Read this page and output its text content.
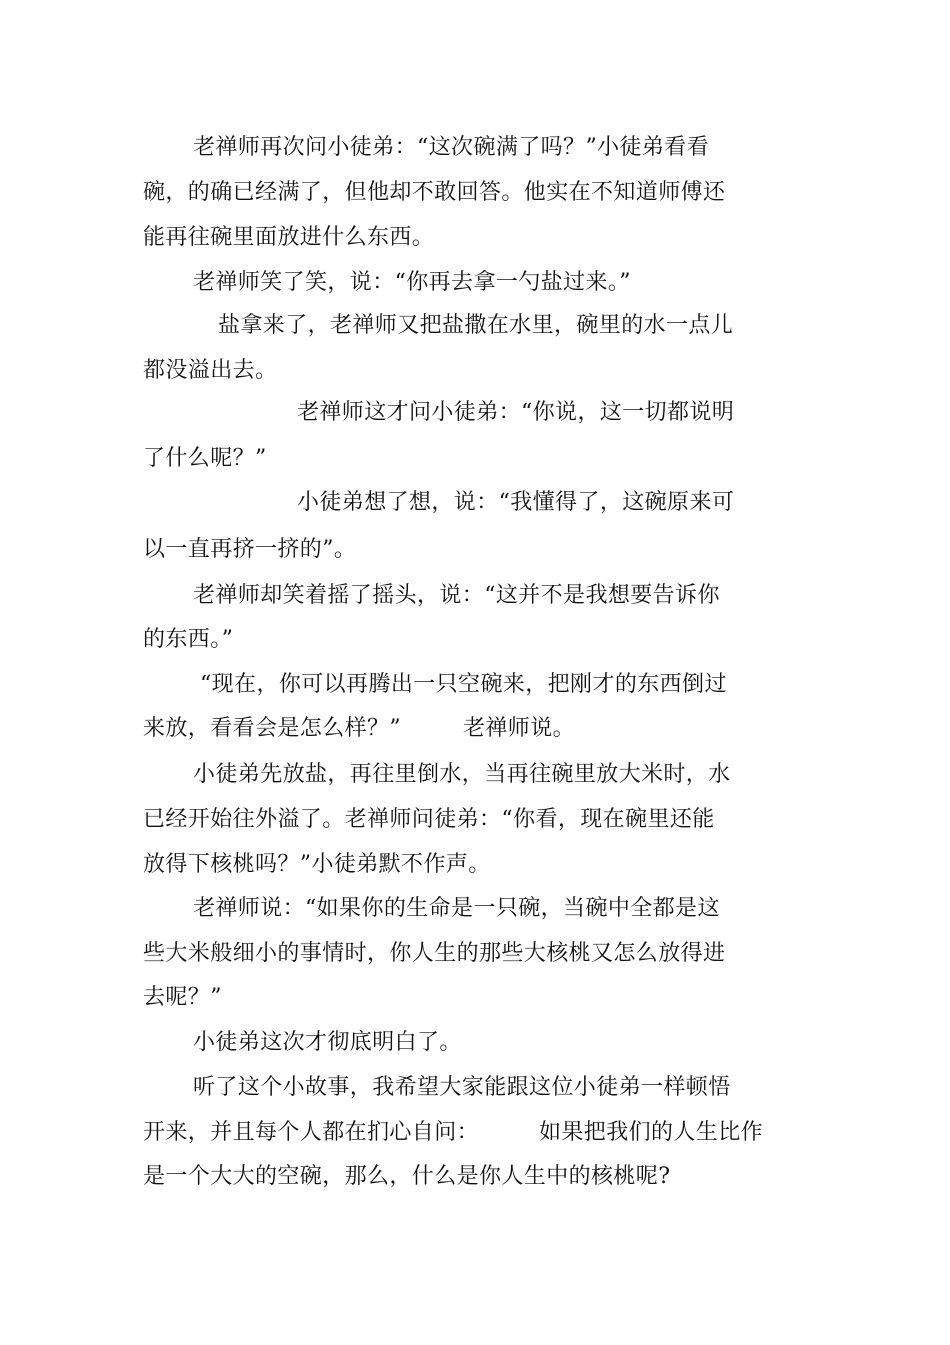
老禅师再次问小徒弟：“这次碗满了吗？”小徒弟看看
碗，的确已经满了，但他却不敢回答。他实在不知道师傅还
能再往碗里面放进什么东西。
老禅师笑了笑，说：“你再去拿一勺盐过来。”
盐拿来了，老禅师又把盐撒在水里，碗里的水一点儿
都没溢出去。
老禅师这才问小徒弟：“你说，这一切都说明
了什么呢？”
小徒弟想了想，说：“我懂得了，这碗原来可
以一直再挤一挤的”。
老禅师却笑着摇了摇头，说：“这并不是我想要告诉你
的东西。”
“现在，你可以再腾出一只空碗来，把刚才的东西倒过
来放，看看会是怎么样？”	老禅师说。
小徒弟先放盐，再往里倒水，当再往碗里放大米时，水
已经开始往外溢了。老禅师问徒弟：“你看，现在碗里还能
放得下核桃吗？”小徒弟默不作声。
老禅师说：“如果你的生命是一只碗，当碗中全都是这
些大米般细小的事情时，你人生的那些大核桃又怎么放得进
去呢？”
小徒弟这次才彻底明白了。
听了这个小故事，我希望大家能跟这位小徒弟一样顿悟
开来，并且每个人都在扪心自问：	如果把我们的人生比作
是一个大大的空碗，那么，什么是你人生中的核桃呢?
